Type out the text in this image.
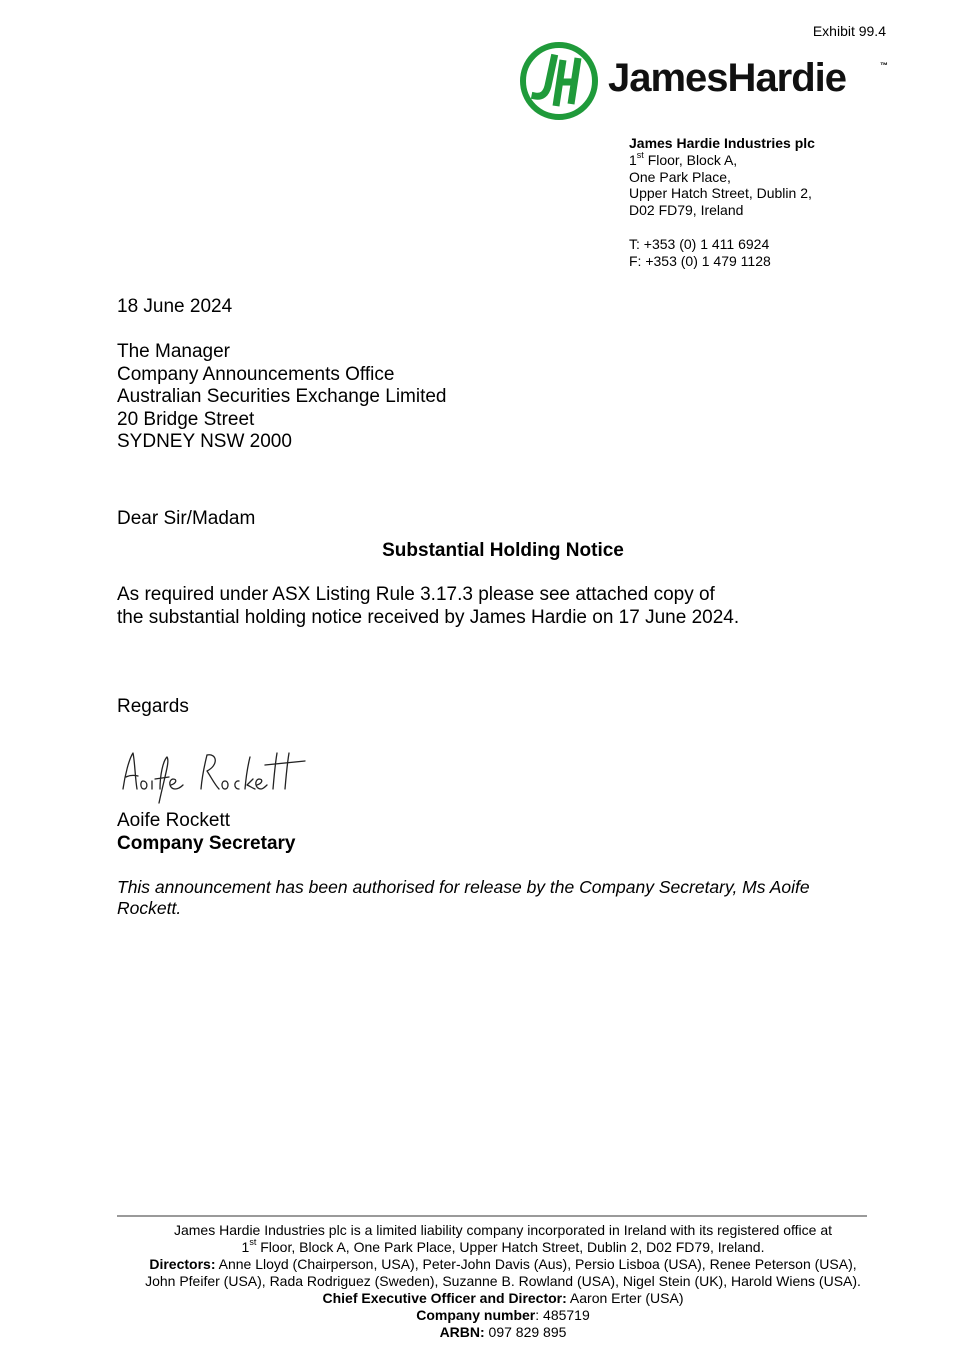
Exhibit 99.4
JamesHardie	™
James Hardie Industries plc
1st Floor, Block A,
One Park Place,
Upper Hatch Street, Dublin 2,
D02 FD79, Ireland
T: +353 (0) 1 411 6924
F: +353 (0) 1 479 1128
18 June 2024
The Manager
Company Announcements Office
Australian Securities Exchange Limited
20 Bridge Street
SYDNEY NSW 2000
Dear Sir/Madam
Substantial Holding Notice
As required under ASX Listing Rule 3.17.3 please see attached copy of
the substantial holding notice received by James Hardie on 17 June 2024.
Regards
Aoife Rockett
Company Secretary
This announcement has been authorised for release by the Company Secretary, Ms Aoife Rockett.
James Hardie Industries plc is a limited liability company incorporated in Ireland with its registered office at
1st Floor, Block A, One Park Place, Upper Hatch Street, Dublin 2, D02 FD79, Ireland.
Directors: Anne Lloyd (Chairperson, USA), Peter-John Davis (Aus), Persio Lisboa (USA), Renee Peterson (USA),
John Pfeifer (USA), Rada Rodriguez (Sweden), Suzanne B. Rowland (USA), Nigel Stein (UK), Harold Wiens (USA).
Chief Executive Officer and Director: Aaron Erter (USA)
Company number: 485719
ARBN: 097 829 895
